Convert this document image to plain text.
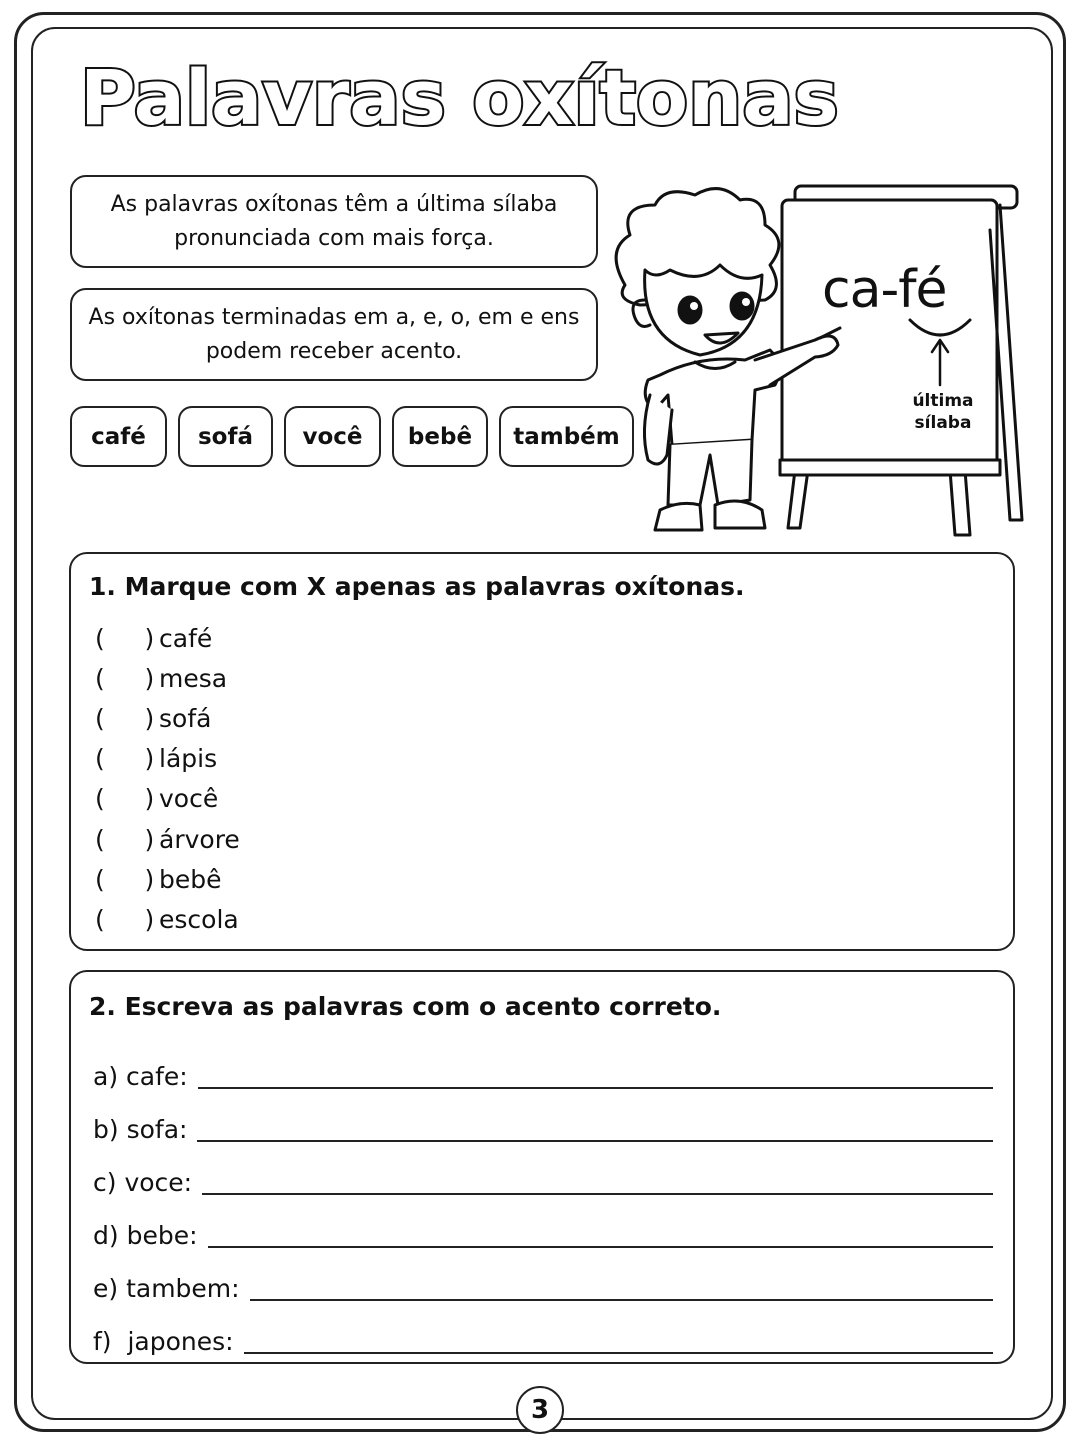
Palavras oxítonas
As palavras oxítonas têm a última sílaba pronunciada com mais força.
As oxítonas terminadas em a, e, o, em e ens podem receber acento.
café	sofá	você	bebê	também
ca-fé
última
sílaba
1. Marque com X apenas as palavras oxítonas.
(     ) café
(     ) mesa
(     ) sofá
(     ) lápis
(     ) você
(     ) árvore
(     ) bebê
(     ) escola
2. Escreva as palavras com o acento correto.
a) cafe:
b) sofa:
c) voce:
d) bebe:
e) tambem:
f)  japones:
3
